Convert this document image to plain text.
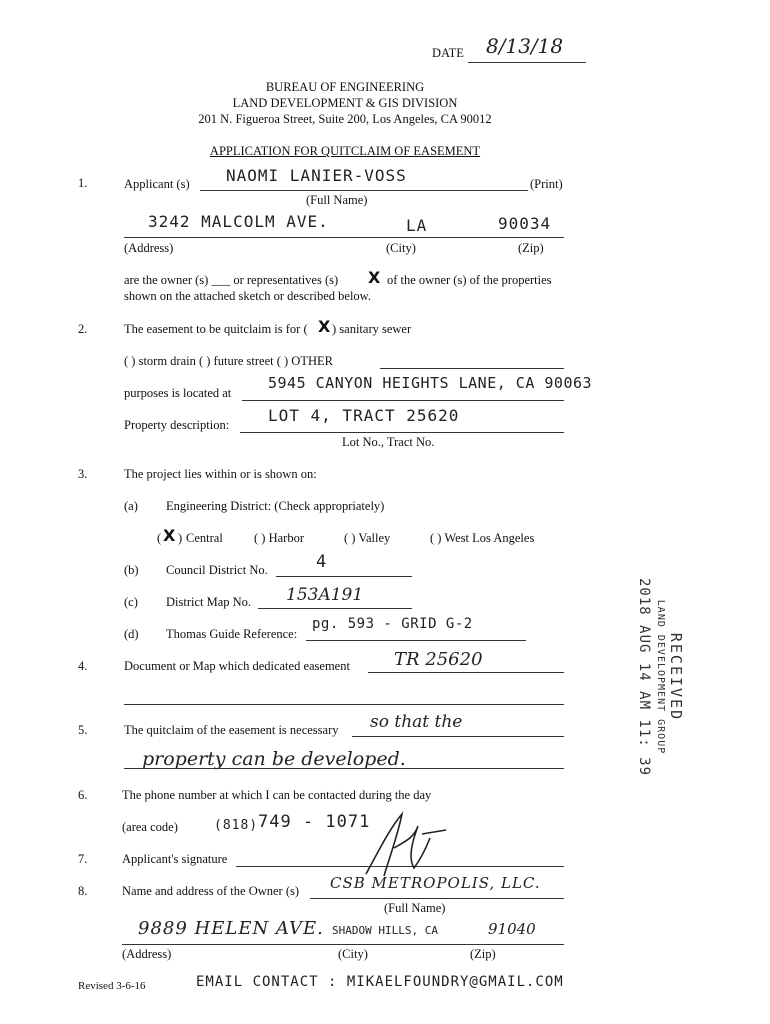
DATE 8/13/18
BUREAU OF ENGINEERING
LAND DEVELOPMENT & GIS DIVISION
201 N. Figueroa Street, Suite 200, Los Angeles, CA 90012
APPLICATION FOR QUITCLAIM OF EASEMENT
1.	Applicant (s) NAOMI LANIER-VOSS	(Print)
(Full Name)
3242 MALCOLM AVE.	LA	90034
(Address)	(City)	(Zip)
are the owner (s) ___ or representatives (s) X of the owner (s) of the properties
shown on the attached sketch or described below.
2.	The easement to be quitclaim is for ( X ) sanitary sewer
( ) storm drain ( ) future street ( ) OTHER
purposes is located at
5945 CANYON HEIGHTS LANE, CA 90063
Property description: LOT 4, TRACT 25620
Lot No., Tract No.
3.	The project lies within or is shown on:
(a) Engineering District: (Check appropriately)
( X ) Central ( ) Harbor	( ) Valley	( ) West Los Angeles
(b) Council District No.	4
(c) District Map No. 153A191
(d) Thomas Guide Reference:
pg. 593 - GRID G-2
4.	Document or Map which dedicated easement TR 25620
5.	The quitclaim of the easement is necessary so that the
property can be developed.
6.	The phone number at which I can be contacted during the day
(area code)	(818) 749 - 1071
7.	Applicant's signature
8.	Name and address of the Owner (s) CSB METROPOLIS, LLC.
(Full Name)
9889 HELEN AVE. SHADOW HILLS, CA	91040
(Address)	(City)	(Zip)
Revised 3-6-16	EMAIL CONTACT : MIKAELFOUNDRY@GMAIL.COM
RECEIVED
LAND DEVELOPMENT GROUP
2018 AUG 14 AM 11: 39
